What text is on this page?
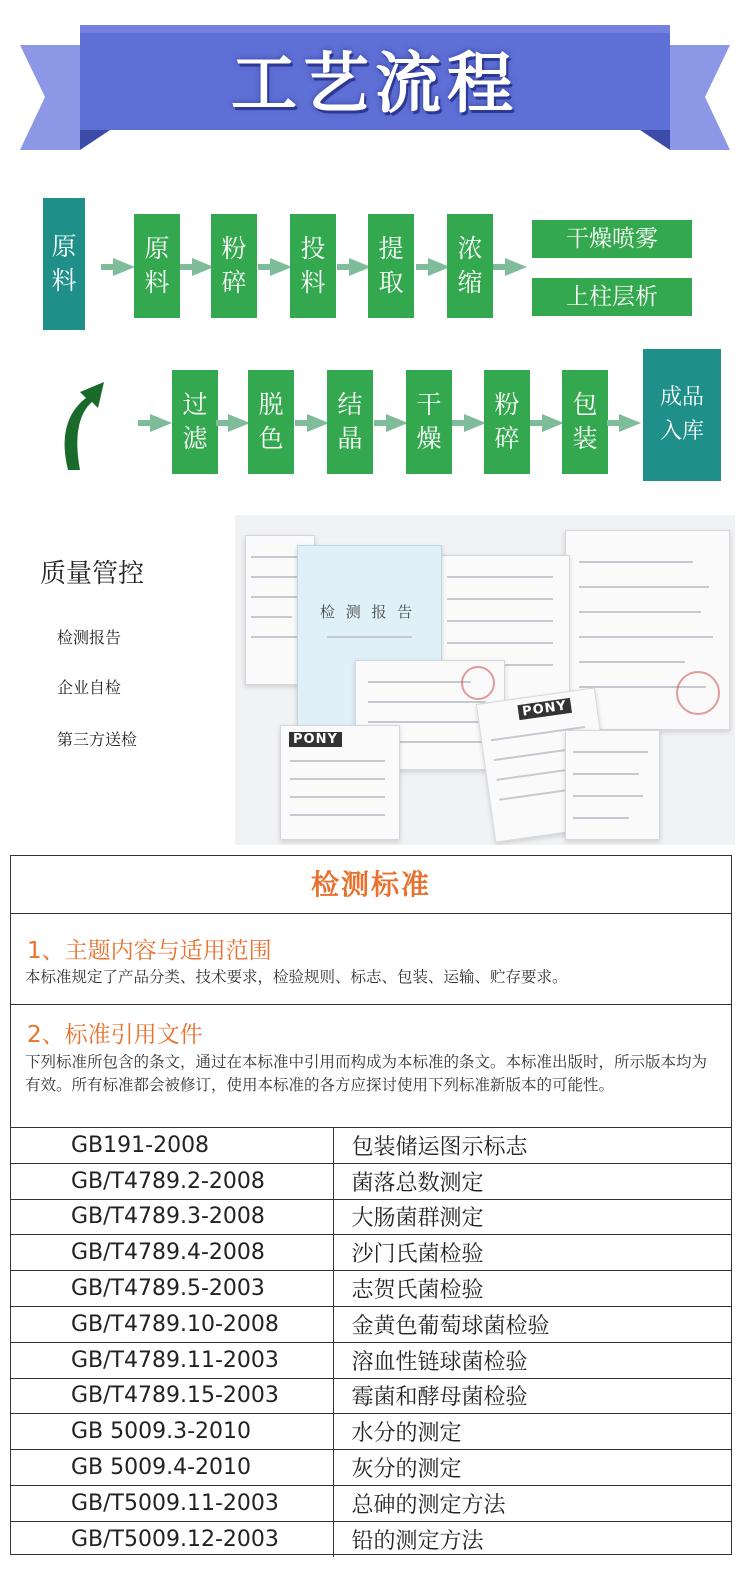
工艺流程
原料
原料
粉碎
投料
提取
浓缩
干燥喷雾
上柱层析
过滤
脱色
结晶
干燥
粉碎
包装
成品入库
质量管控
检测报告
企业自检
第三方送检
检 测 报 告
PONY
PONY
检测标准
1、主题内容与适用范围
本标准规定了产品分类、技术要求，检验规则、标志、包装、运输、贮存要求。
2、标准引用文件
下列标准所包含的条文，通过在本标准中引用而构成为本标准的条文。本标准出版时，所示版本均为有效。所有标准都会被修订，使用本标准的各方应探讨使用下列标准新版本的可能性。
GB191-2008	包装储运图示标志
GB/T4789.2-2008	菌落总数测定
GB/T4789.3-2008	大肠菌群测定
GB/T4789.4-2008	沙门氏菌检验
GB/T4789.5-2003	志贺氏菌检验
GB/T4789.10-2008	金黄色葡萄球菌检验
GB/T4789.11-2003	溶血性链球菌检验
GB/T4789.15-2003	霉菌和酵母菌检验
GB 5009.3-2010	水分的测定
GB 5009.4-2010	灰分的测定
GB/T5009.11-2003	总砷的测定方法
GB/T5009.12-2003	铅的测定方法
